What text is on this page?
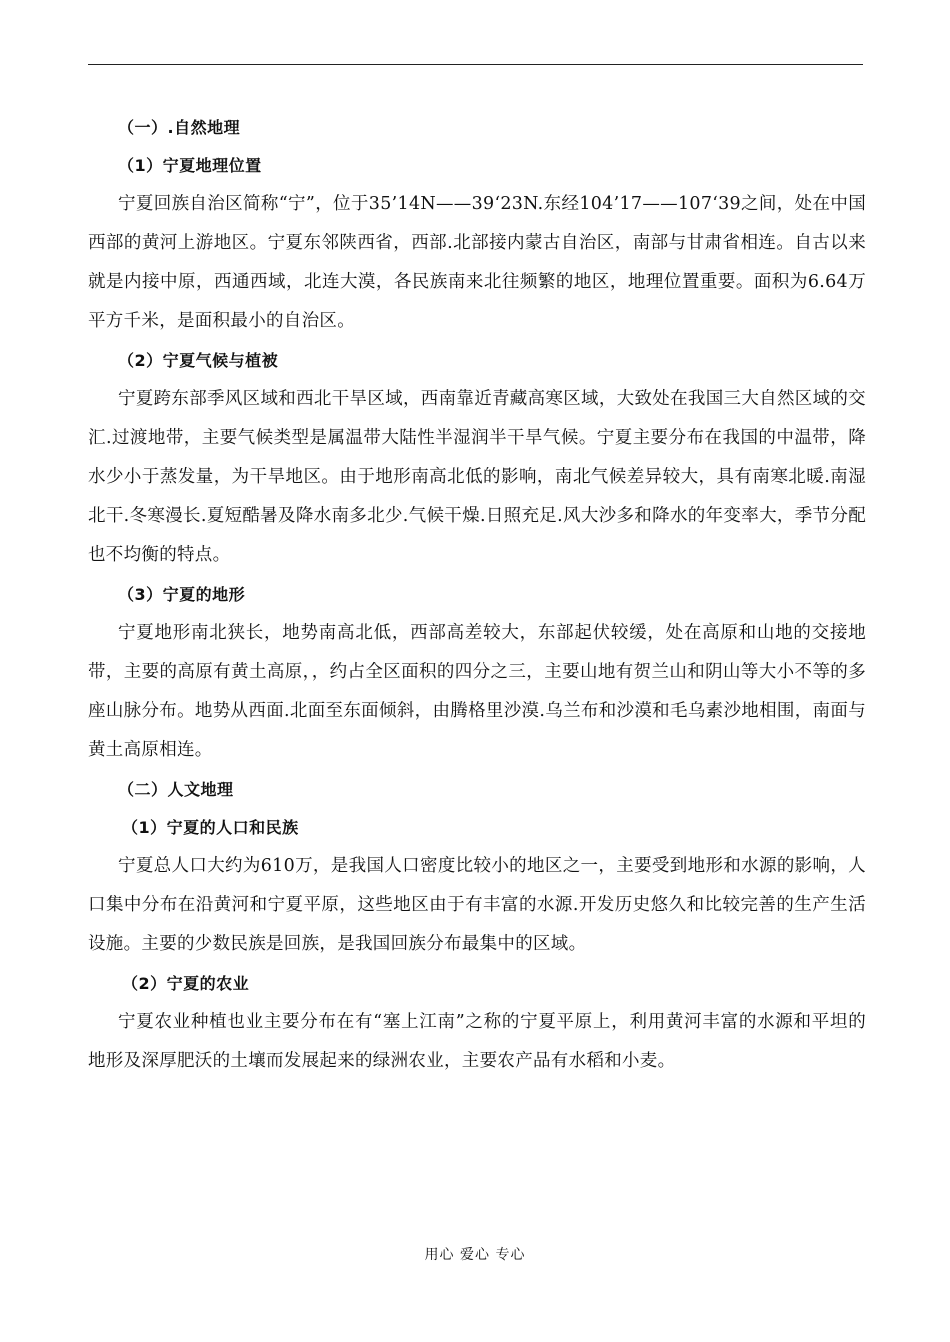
（一）.自然地理
（1）宁夏地理位置

宁夏回族自治区简称“宁”，位于35’14N——39‘23N.东经104’17——107‘39之间，处在中国西部的黄河上游地区。宁夏东邻陕西省，西部.北部接内蒙古自治区，南部与甘肃省相连。自古以来就是内接中原，西通西域，北连大漠，各民族南来北往频繁的地区，地理位置重要。面积为6.64万平方千米，是面积最小的自治区。

（2）宁夏气候与植被

宁夏跨东部季风区域和西北干旱区域，西南靠近青藏高寒区域，大致处在我国三大自然区域的交汇.过渡地带，主要气候类型是属温带大陆性半湿润半干旱气候。宁夏主要分布在我国的中温带，降水少小于蒸发量，为干旱地区。由于地形南高北低的影响，南北气候差异较大，具有南寒北暖.南湿北干.冬寒漫长.夏短酷暑及降水南多北少.气候干燥.日照充足.风大沙多和降水的年变率大，季节分配也不均衡的特点。

（3）宁夏的地形

宁夏地形南北狭长，地势南高北低，西部高差较大，东部起伏较缓，处在高原和山地的交接地带，主要的高原有黄土高原，，约占全区面积的四分之三，主要山地有贺兰山和阴山等大小不等的多座山脉分布。地势从西面.北面至东面倾斜，由腾格里沙漠.乌兰布和沙漠和毛乌素沙地相围，南面与黄土高原相连。

（二）人文地理
（1）宁夏的人口和民族

宁夏总人口大约为610万，是我国人口密度比较小的地区之一，主要受到地形和水源的影响，人口集中分布在沿黄河和宁夏平原，这些地区由于有丰富的水源.开发历史悠久和比较完善的生产生活设施。主要的少数民族是回族，是我国回族分布最集中的区域。

（2）宁夏的农业

宁夏农业种植也业主要分布在有“塞上江南”之称的宁夏平原上，利用黄河丰富的水源和平坦的地形及深厚肥沃的土壤而发展起来的绿洲农业，主要农产品有水稻和小麦。

用心 爱心 专心
